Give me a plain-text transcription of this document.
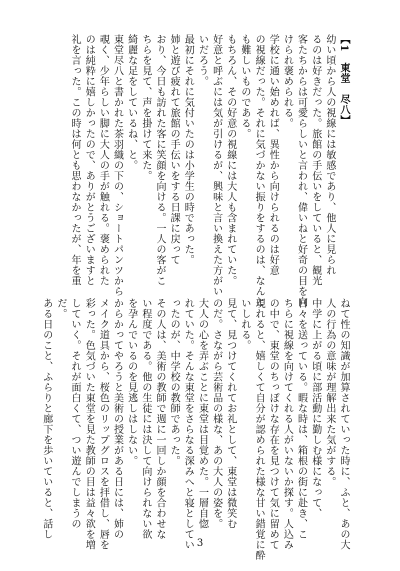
【1　東堂　尽八】

幼い頃から人の視線には敏感であり、他人に見られ

るのは好きだった。旅館の手伝いをしていると、観光

客たちからは可愛らしいと言われ、偉いねと好奇の目を向

けられ褒められる。

学校に通い始めれば、異性から向けられるのは好意

の視線だった。それに気づかない振りをするのは、なんと

も難しいものである。

もちろん、その好意の視線には大人も含まれていた。

好意と呼ぶには気が引けるが、興味と言い換えた方がい

いだろう。

最初にそれに気付いたのは小学生の時であった。

姉と遊び疲れて旅館の手伝いをする日課に戻って

おり、今日も訪れた客に笑顔を向ける。一人の客がこ

ちらを見て、声を掛けて来た。

綺麗な足をしているね、と。

東堂尽八と書かれた茶羽織の下の、ショートパンツから

覗く、少年らしい脚に大人の手が触れる。褒められた

のは純粋に嬉しかったので、ありがとうございますと

礼を言った。この時は何とも思わなかったが、年を重

ねて性の知識が加算されていった時に、ふと、あの大

人の行為の意味が理解出来た気がする。

中学に上がる頃に部活動に勤しむ様になって、

日々を送っている。暇な時は、箱根の街に赴き、こ

ちらに視線を向けてくれる人がいないか探す。人込み

の中で、東堂のちっぽけな存在を見つけて気に留めて

現れると、嬉しくて自分が認められた様な甘い錯覚に酔

いしれる。

見て、見つけてくれてお礼として、東堂は微笑む

のだ。さながら芸術品の様な、あの大人の姿を。

大人の心を弄ぶことに東堂は目覚めた。一層自惚

れていた。そんな東堂をさらなる深みへと寝としてい

ったのが、中学校の教師であった。

その人は、美術の教師で週に一回しか顔を合わせな

い程度である。他の生徒には決して向けられない欲

を孕んでいるのを見逃しはしない。

からかってやろうと美術の授業がある日には、姉の

メイク道具から、桜色のリップグロスを拝借し、唇を

彩った。色気づいた東堂を見た教師の目は益々欲を増

していく。それが面白くて、つい遊んでしまうの

だ。

ある日のこと、ふらりと廊下を歩いていると、話し

3
